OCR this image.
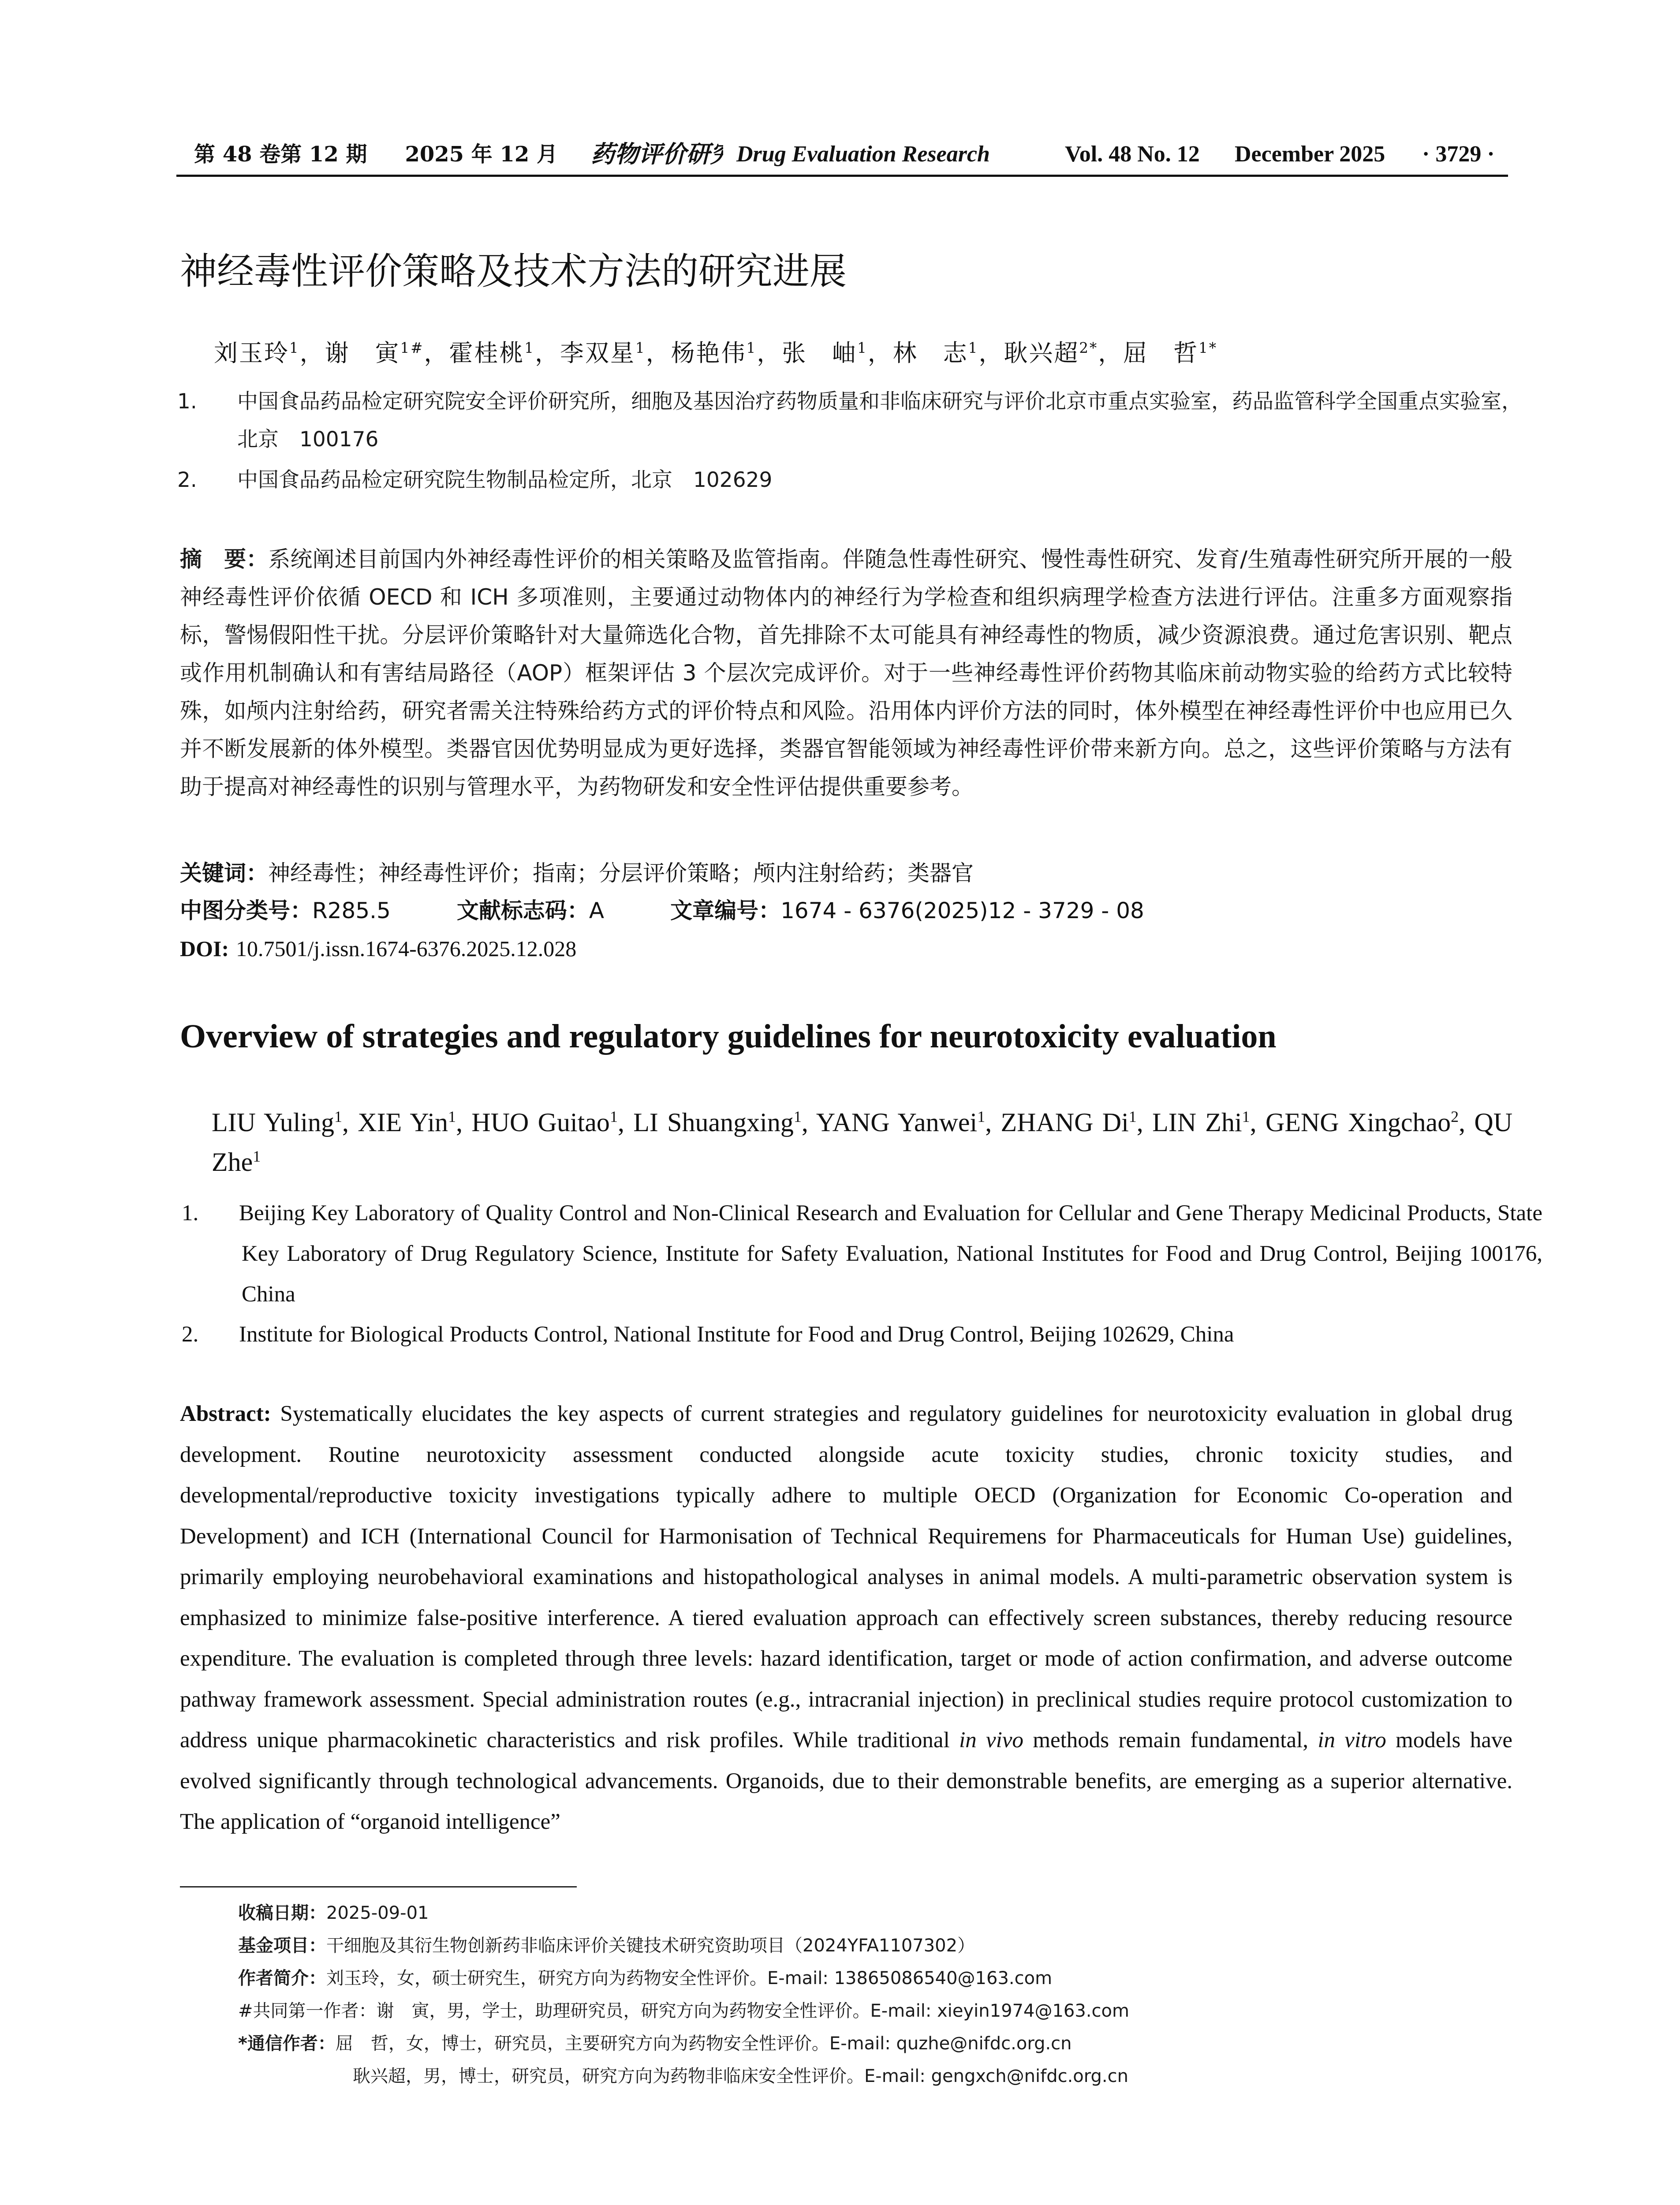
第 48 卷第 12 期 2025 年 12 月 药物评价研究 Drug Evaluation Research	Vol. 48 No. 12 December 2025 · 3729 ·
神经毒性评价策略及技术方法的研究进展
刘玉玲$^1$，谢　寅$^{1\#}$，霍桂桃$^1$，李双星$^1$，杨艳伟$^1$，张　岫$^1$，林　志$^1$，耿兴超$^{2*}$，屈　哲$^{1*}$
1. 中国食品药品检定研究院安全评价研究所，细胞及基因治疗药物质量和非临床研究与评价北京市重点实验室，药品监管科学全国重点实验室，北京　100176
2. 中国食品药品检定研究院生物制品检定所，北京　102629
摘　要：系统阐述目前国内外神经毒性评价的相关策略及监管指南。伴随急性毒性研究、慢性毒性研究、发育/生殖毒性研究所开展的一般神经毒性评价依循 OECD 和 ICH 多项准则，主要通过动物体内的神经行为学检查和组织病理学检查方法进行评估。注重多方面观察指标，警惕假阳性干扰。分层评价策略针对大量筛选化合物，首先排除不太可能具有神经毒性的物质，减少资源浪费。通过危害识别、靶点或作用机制确认和有害结局路径（AOP）框架评估 3 个层次完成评价。对于一些神经毒性评价药物其临床前动物实验的给药方式比较特殊，如颅内注射给药，研究者需关注特殊给药方式的评价特点和风险。沿用体内评价方法的同时，体外模型在神经毒性评价中也应用已久并不断发展新的体外模型。类器官因优势明显成为更好选择，类器官智能领域为神经毒性评价带来新方向。总之，这些评价策略与方法有助于提高对神经毒性的识别与管理水平，为药物研发和安全性评估提供重要参考。
关键词：神经毒性；神经毒性评价；指南；分层评价策略；颅内注射给药；类器官
中图分类号：R285.5	文献标志码：A	文章编号：1674 - 6376(2025)12 - 3729 - 08
DOI: 10.7501/j.issn.1674-6376.2025.12.028
Overview of strategies and regulatory guidelines for neurotoxicity evaluation
LIU Yuling$^1$, XIE Yin$^1$, HUO Guitao$^1$, LI Shuangxing$^1$, YANG Yanwei$^1$, ZHANG Di$^1$, LIN Zhi$^1$, GENG Xingchao$^2$, QU Zhe$^1$
1. Beijing Key Laboratory of Quality Control and Non-Clinical Research and Evaluation for Cellular and Gene Therapy Medicinal Products, State Key Laboratory of Drug Regulatory Science, Institute for Safety Evaluation, National Institutes for Food and Drug Control, Beijing 100176, China
2. Institute for Biological Products Control, National Institute for Food and Drug Control, Beijing 102629, China
Abstract: Systematically elucidates the key aspects of current strategies and regulatory guidelines for neurotoxicity evaluation in global drug development. Routine neurotoxicity assessment conducted alongside acute toxicity studies, chronic toxicity studies, and developmental/reproductive toxicity investigations typically adhere to multiple OECD (Organization for Economic Co-operation and Development) and ICH (International Council for Harmonisation of Technical Requiremens for Pharmaceuticals for Human Use) guidelines, primarily employing neurobehavioral examinations and histopathological analyses in animal models. A multi-parametric observation system is emphasized to minimize false-positive interference. A tiered evaluation approach can effectively screen substances, thereby reducing resource expenditure. The evaluation is completed through three levels: hazard identification, target or mode of action confirmation, and adverse outcome pathway framework assessment. Special administration routes (e.g., intracranial injection) in preclinical studies require protocol customization to address unique pharmacokinetic characteristics and risk profiles. While traditional in vivo methods remain fundamental, in vitro models have evolved significantly through technological advancements. Organoids, due to their demonstrable benefits, are emerging as a superior alternative. The application of “organoid intelligence”
收稿日期：2025-09-01
基金项目：干细胞及其衍生物创新药非临床评价关键技术研究资助项目（2024YFA1107302）
作者简介：刘玉玲，女，硕士研究生，研究方向为药物安全性评价。E-mail: 13865086540@163.com
#共同第一作者：谢　寅，男，学士，助理研究员，研究方向为药物安全性评价。E-mail: xieyin1974@163.com
*通信作者：屈　哲，女，博士，研究员，主要研究方向为药物安全性评价。E-mail: quzhe@nifdc.org.cn
耿兴超，男，博士，研究员，研究方向为药物非临床安全性评价。E-mail: gengxch@nifdc.org.cn
